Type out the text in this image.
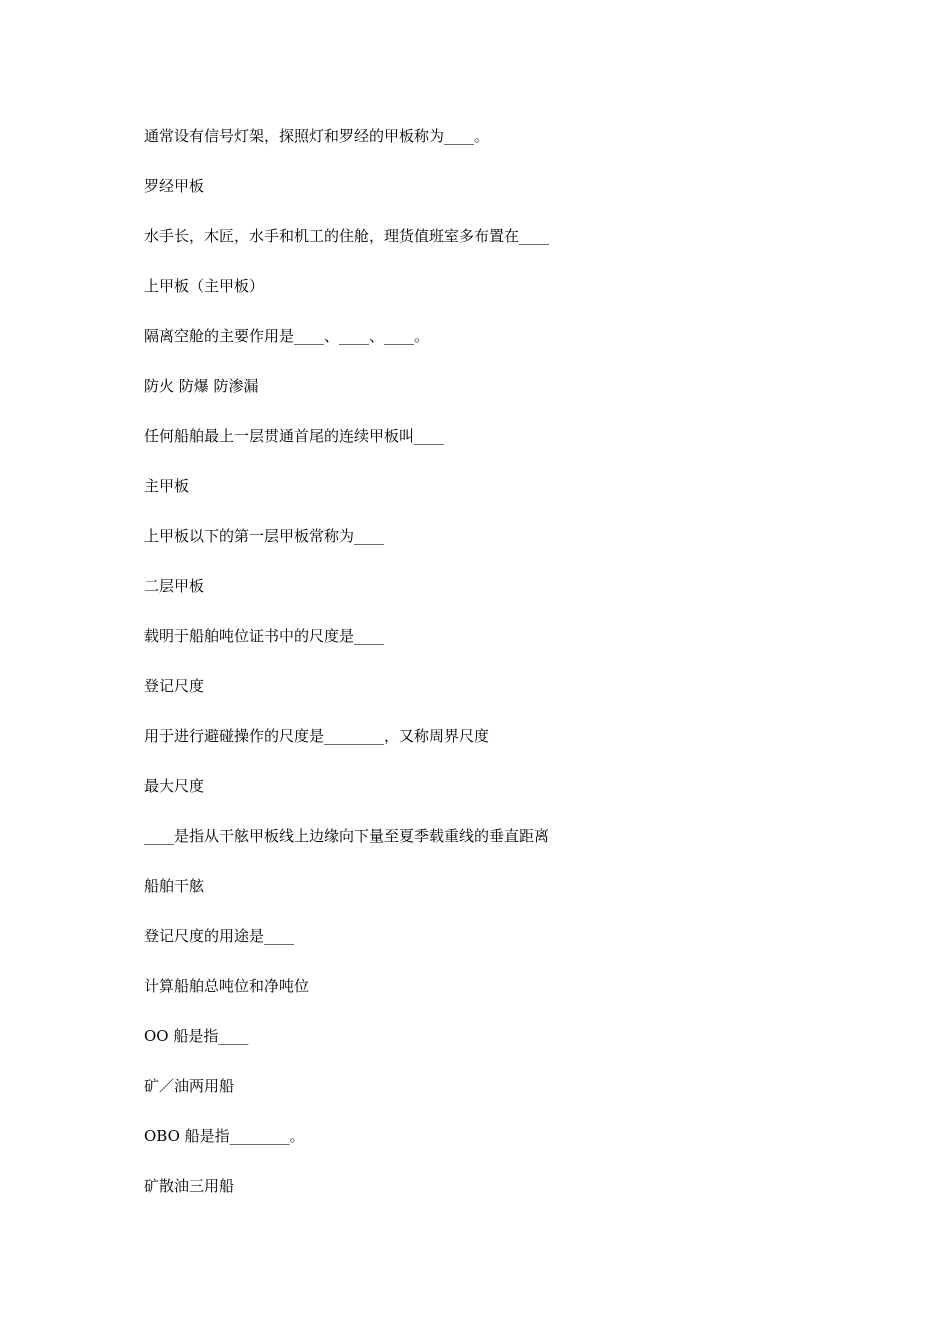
通常设有信号灯架，探照灯和罗经的甲板称为____。

罗经甲板

水手长，木匠，水手和机工的住舱，理货值班室多布置在____

上甲板（主甲板）

隔离空舱的主要作用是____、____、____。

防火 防爆 防渗漏

任何船舶最上一层贯通首尾的连续甲板叫____

主甲板

上甲板以下的第一层甲板常称为____

二层甲板

载明于船舶吨位证书中的尺度是____

登记尺度

用于进行避碰操作的尺度是________，又称周界尺度

最大尺度

____是指从干舷甲板线上边缘向下量至夏季载重线的垂直距离

船舶干舷

登记尺度的用途是____

计算船舶总吨位和净吨位

OO 船是指____

矿／油两用船

OBO 船是指________。

矿散油三用船
